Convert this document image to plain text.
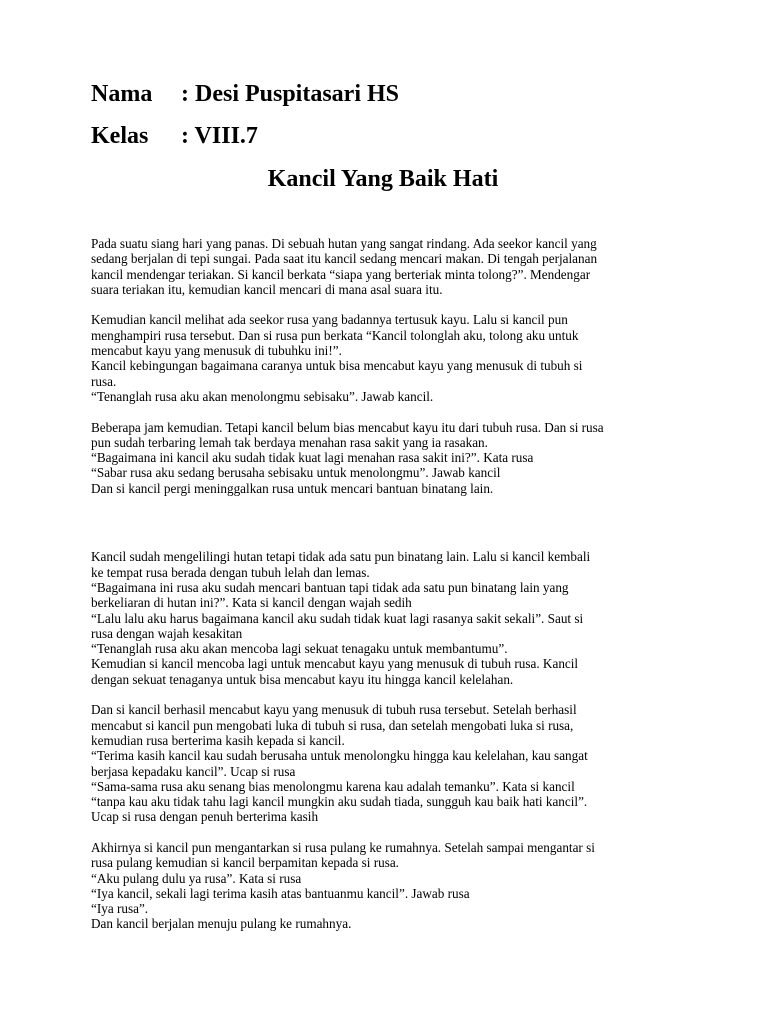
Nama : Desi Puspitasari HS
Kelas : VIII.7
Kancil Yang Baik Hati
Pada suatu siang hari yang panas. Di sebuah hutan yang sangat rindang. Ada seekor kancil yang
sedang berjalan di tepi sungai. Pada saat itu kancil sedang mencari makan. Di tengah perjalanan
kancil mendengar teriakan. Si kancil berkata “siapa yang berteriak minta tolong?”. Mendengar
suara teriakan itu, kemudian kancil mencari di mana asal suara itu.
Kemudian kancil melihat ada seekor rusa yang badannya tertusuk kayu. Lalu si kancil pun
menghampiri rusa tersebut. Dan si rusa pun berkata “Kancil tolonglah aku, tolong aku untuk
mencabut kayu yang menusuk di tubuhku ini!”.
Kancil kebingungan bagaimana caranya untuk bisa mencabut kayu yang menusuk di tubuh si
rusa.
“Tenanglah rusa aku akan menolongmu sebisaku”. Jawab kancil.
Beberapa jam kemudian. Tetapi kancil belum bias mencabut kayu itu dari tubuh rusa. Dan si rusa
pun sudah terbaring lemah tak berdaya menahan rasa sakit yang ia rasakan.
“Bagaimana ini kancil aku sudah tidak kuat lagi menahan rasa sakit ini?”. Kata rusa
“Sabar rusa aku sedang berusaha sebisaku untuk menolongmu”. Jawab kancil
Dan si kancil pergi meninggalkan rusa untuk mencari bantuan binatang lain.
Kancil sudah mengelilingi hutan tetapi tidak ada satu pun binatang lain. Lalu si kancil kembali
ke tempat rusa berada dengan tubuh lelah dan lemas.
“Bagaimana ini rusa aku sudah mencari bantuan tapi tidak ada satu pun binatang lain yang
berkeliaran di hutan ini?”. Kata si kancil dengan wajah sedih
“Lalu lalu aku harus bagaimana kancil aku sudah tidak kuat lagi rasanya sakit sekali”. Saut si
rusa dengan wajah kesakitan
“Tenanglah rusa aku akan mencoba lagi sekuat tenagaku untuk membantumu”.
Kemudian si kancil mencoba lagi untuk mencabut kayu yang menusuk di tubuh rusa. Kancil
dengan sekuat tenaganya untuk bisa mencabut kayu itu hingga kancil kelelahan.
Dan si kancil berhasil mencabut kayu yang menusuk di tubuh rusa tersebut. Setelah berhasil
mencabut si kancil pun mengobati luka di tubuh si rusa, dan setelah mengobati luka si rusa,
kemudian rusa berterima kasih kepada si kancil.
“Terima kasih kancil kau sudah berusaha untuk menolongku hingga kau kelelahan, kau sangat
berjasa kepadaku kancil”. Ucap si rusa
“Sama-sama rusa aku senang bias menolongmu karena kau adalah temanku”. Kata si kancil
“tanpa kau aku tidak tahu lagi kancil mungkin aku sudah tiada, sungguh kau baik hati kancil”.
Ucap si rusa dengan penuh berterima kasih
Akhirnya si kancil pun mengantarkan si rusa pulang ke rumahnya. Setelah sampai mengantar si
rusa pulang kemudian si kancil berpamitan kepada si rusa.
“Aku pulang dulu ya rusa”. Kata si rusa
“Iya kancil, sekali lagi terima kasih atas bantuanmu kancil”. Jawab rusa
“Iya rusa”.
Dan kancil berjalan menuju pulang ke rumahnya.
